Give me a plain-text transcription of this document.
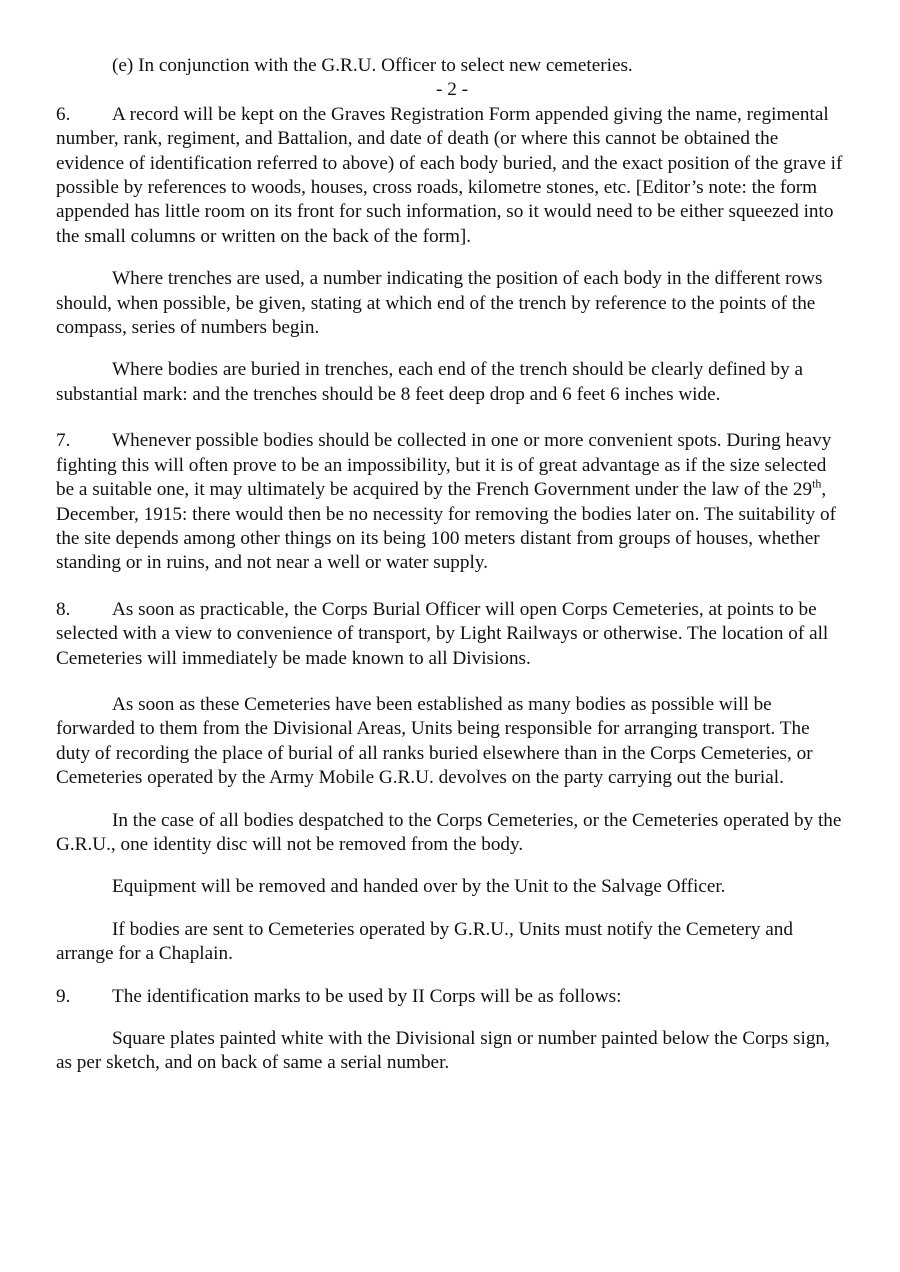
(e) In conjunction with the G.R.U. Officer to select new cemeteries.

- 2 -

6. A record will be kept on the Graves Registration Form appended giving the name, regimental number, rank, regiment, and Battalion, and date of death (or where this cannot be obtained the evidence of identification referred to above) of each body buried, and the exact position of the grave if possible by references to woods, houses, cross roads, kilometre stones, etc. [Editor’s note: the form appended has little room on its front for such information, so it would need to be either squeezed into the small columns or written on the back of the form].

Where trenches are used, a number indicating the position of each body in the different rows should, when possible, be given, stating at which end of the trench by reference to the points of the compass, series of numbers begin.

Where bodies are buried in trenches, each end of the trench should be clearly defined by a substantial mark: and the trenches should be 8 feet deep drop and 6 feet 6 inches wide.

7. Whenever possible bodies should be collected in one or more convenient spots. During heavy fighting this will often prove to be an impossibility, but it is of great advantage as if the size selected be a suitable one, it may ultimately be acquired by the French Government under the law of the 29th, December, 1915: there would then be no necessity for removing the bodies later on. The suitability of the site depends among other things on its being 100 meters distant from groups of houses, whether standing or in ruins, and not near a well or water supply.

8. As soon as practicable, the Corps Burial Officer will open Corps Cemeteries, at points to be selected with a view to convenience of transport, by Light Railways or otherwise. The location of all Cemeteries will immediately be made known to all Divisions.

As soon as these Cemeteries have been established as many bodies as possible will be forwarded to them from the Divisional Areas, Units being responsible for arranging transport. The duty of recording the place of burial of all ranks buried elsewhere than in the Corps Cemeteries, or Cemeteries operated by the Army Mobile G.R.U. devolves on the party carrying out the burial.

In the case of all bodies despatched to the Corps Cemeteries, or the Cemeteries operated by the G.R.U., one identity disc will not be removed from the body.

Equipment will be removed and handed over by the Unit to the Salvage Officer.

If bodies are sent to Cemeteries operated by G.R.U., Units must notify the Cemetery and arrange for a Chaplain.

9. The identification marks to be used by II Corps will be as follows:

Square plates painted white with the Divisional sign or number painted below the Corps sign, as per sketch, and on back of same a serial number.
